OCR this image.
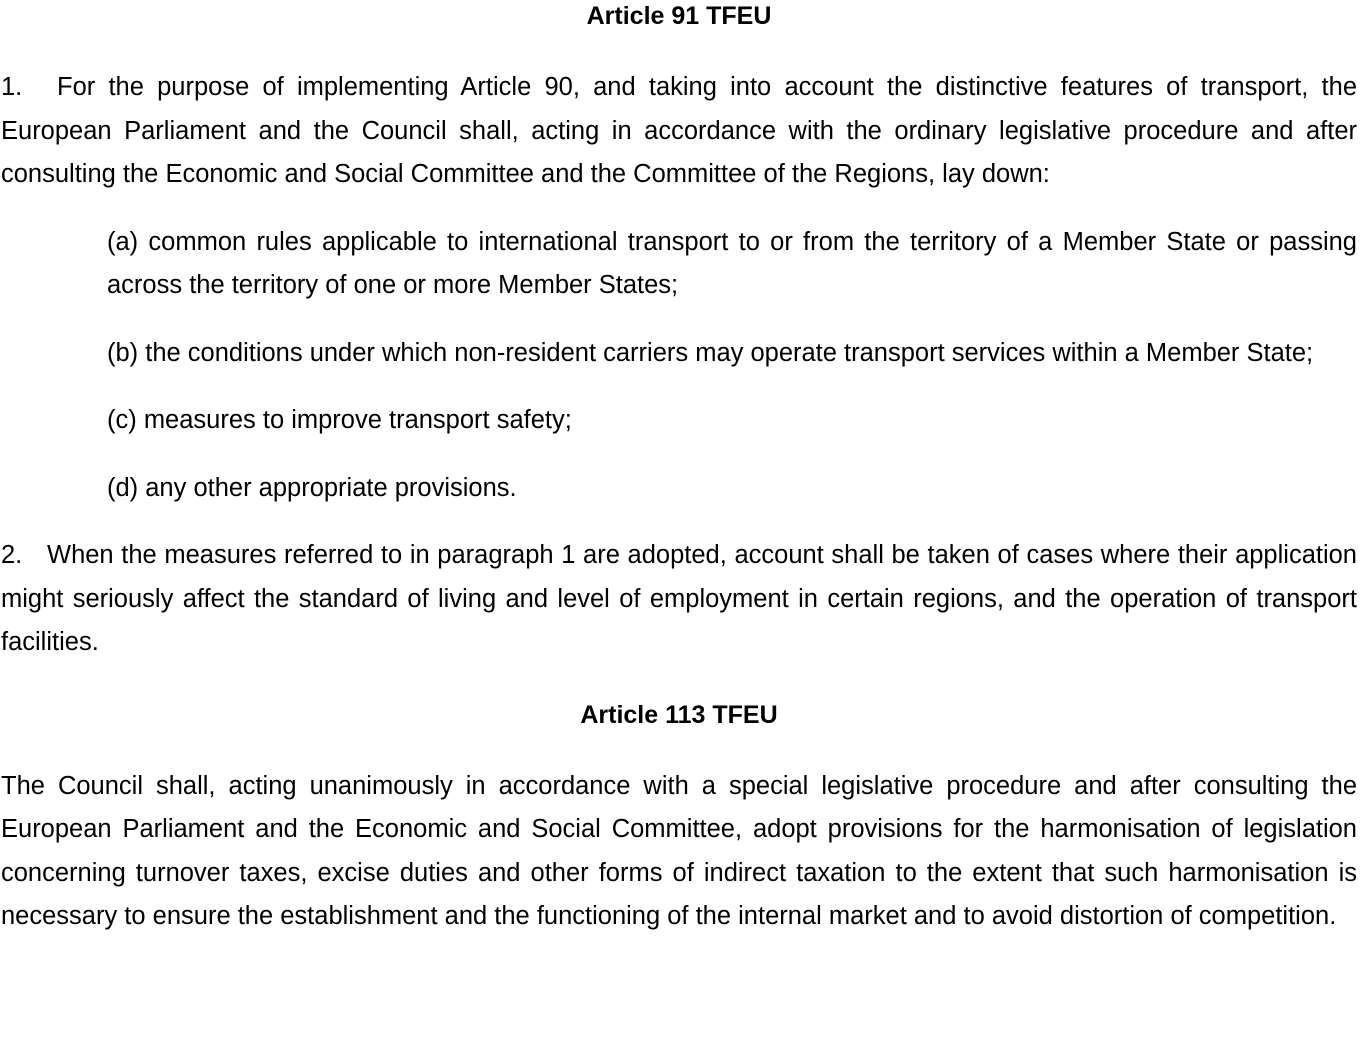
Article 91 TFEU

1. For the purpose of implementing Article 90, and taking into account the distinctive features of transport, the European Parliament and the Council shall, acting in accordance with the ordinary legislative procedure and after consulting the Economic and Social Committee and the Committee of the Regions, lay down:

(a) common rules applicable to international transport to or from the territory of a Member State or passing across the territory of one or more Member States;

(b) the conditions under which non-resident carriers may operate transport services within a Member State;

(c) measures to improve transport safety;

(d) any other appropriate provisions.

2. When the measures referred to in paragraph 1 are adopted, account shall be taken of cases where their application might seriously affect the standard of living and level of employment in certain regions, and the operation of transport facilities.

Article 113 TFEU

The Council shall, acting unanimously in accordance with a special legislative procedure and after consulting the European Parliament and the Economic and Social Committee, adopt provisions for the harmonisation of legislation concerning turnover taxes, excise duties and other forms of indirect taxation to the extent that such harmonisation is necessary to ensure the establishment and the functioning of the internal market and to avoid distortion of competition.
